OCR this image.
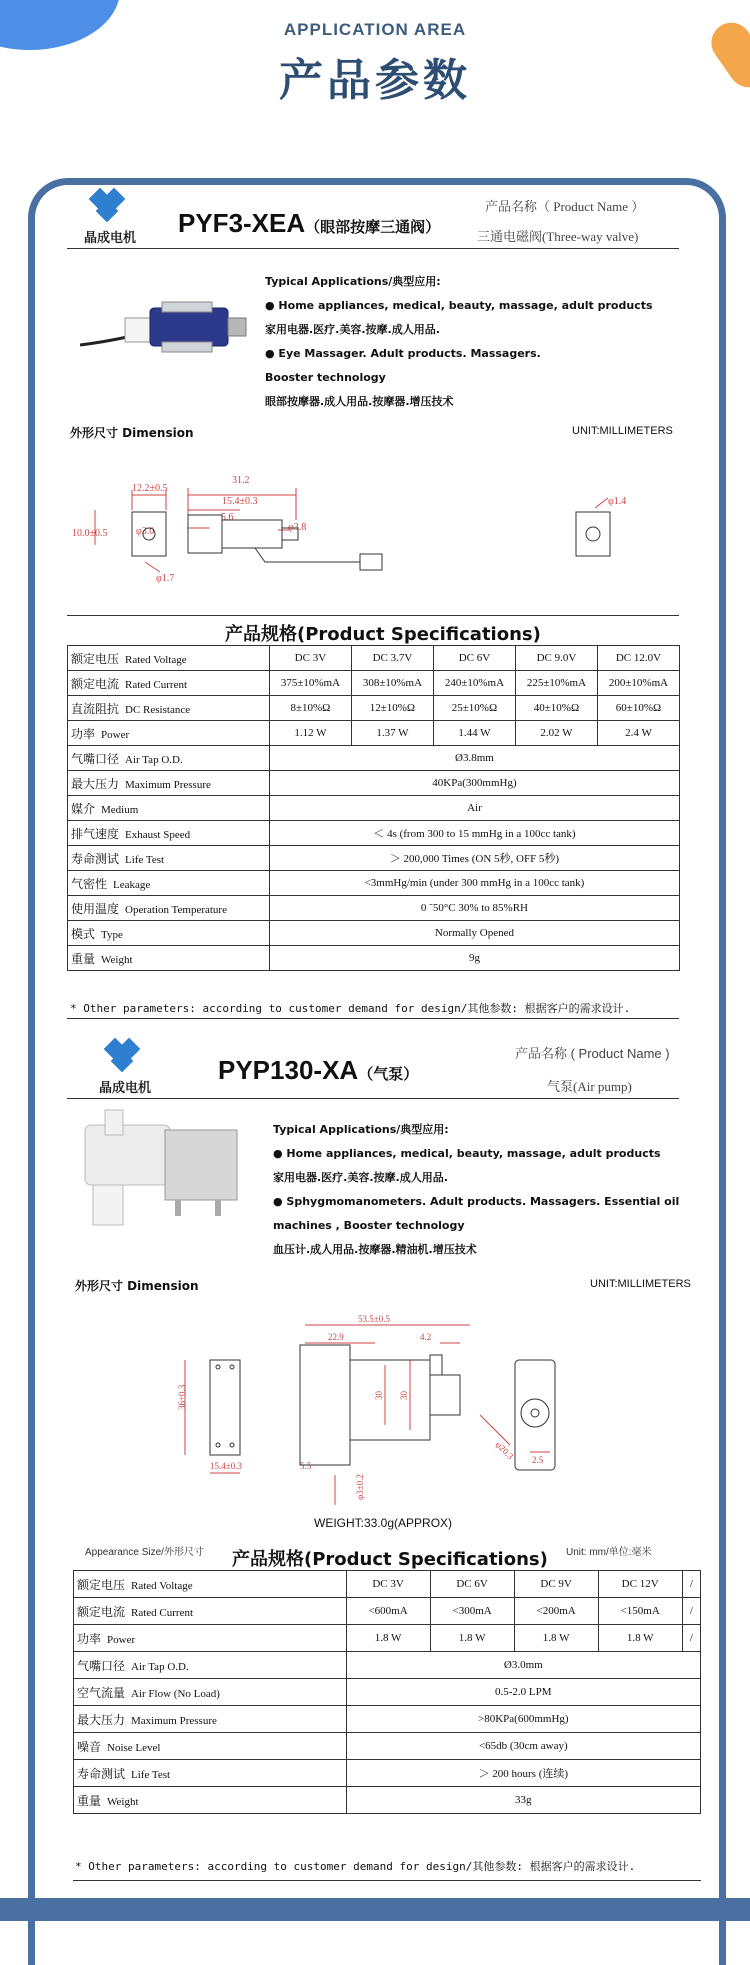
APPLICATION AREA
产品参数
晶成电机
PYF3-XEA（眼部按摩三通阀）
产品名称（ Product Name ）
三通电磁阀(Three-way valve)
Typical Applications/典型应用:
● Home appliances, medical, beauty, massage, adult products
家用电器.医疗.美容.按摩.成人用品.
● Eye Massager. Adult products. Massagers.
Booster technology
眼部按摩器.成人用品.按摩器.增压技术
外形尺寸 Dimension	UNIT:MILLIMETERS
12.2±0.5
10.0±0.5
φ1.7
31.2
15.4±0.3
5.6
φ3.0	φ3.8
φ1.4
产品规格(Product Specifications)
额定电压 Rated Voltage	DC 3V	DC 3.7V	DC 6V	DC 9.0V	DC 12.0V
额定电流 Rated Current	375±10%mA	308±10%mA	240±10%mA	225±10%mA	200±10%mA
直流阻抗 DC Resistance	8±10%Ω	12±10%Ω	25±10%Ω	40±10%Ω	60±10%Ω
功率 Power	1.12 W	1.37 W	1.44 W	2.02 W	2.4 W
气嘴口径 Air Tap O.D.	Ø3.8mm				
最大压力 Maximum Pressure	40KPa(300mmHg)				
媒介 Medium	Air				
排气速度 Exhaust Speed	＜ 4s (from 300 to 15 mmHg in a 100cc tank)				
寿命测试 Life Test	＞ 200,000 Times (ON 5秒, OFF 5秒)				
气密性 Leakage	<3mmHg/min (under 300 mmHg in a 100cc tank)				
使用温度 Operation Temperature	0 ˜50°C 30% to 85%RH				
模式 Type	Normally Opened				
重量 Weight	9g				
* Other parameters: according to customer demand for design/其他参数: 根据客户的需求设计.
晶成电机
PYP130-XA（气泵）
产品名称 ( Product Name )
气泵(Air pump)
Typical Applications/典型应用:
● Home appliances, medical, beauty, massage, adult products
家用电器.医疗.美容.按摩.成人用品.
● Sphygmomanometers. Adult products. Massagers. Essential oil
machines , Booster technology
血压计.成人用品.按摩器.精油机.增压技术
外形尺寸 Dimension	UNIT:MILLIMETERS
53.5±0.5
22.9	4.2
36±0.3
15.4±0.3	5.5
φ3±0.2
30 30
φ20.3 2.5
WEIGHT:33.0g(APPROX)
Appearance Size/外形尺寸 产品规格(Product Specifications) Unit: mm/单位:毫米
额定电压 Rated Voltage	DC 3V	DC 6V	DC 9V	DC 12V	/
额定电流 Rated Current	<600mA	<300mA	<200mA	<150mA	/
功率 Power	1.8 W	1.8 W	1.8 W	1.8 W	/
气嘴口径 Air Tap O.D.	Ø3.0mm				
空气流量 Air Flow (No Load)	0.5-2.0 LPM				
最大压力 Maximum Pressure	>80KPa(600mmHg)				
噪音 Noise Level	<65db (30cm away)				
寿命测试 Life Test	＞ 200 hours (连续)				
重量 Weight	33g				
* Other parameters: according to customer demand for design/其他参数: 根据客户的需求设计.
